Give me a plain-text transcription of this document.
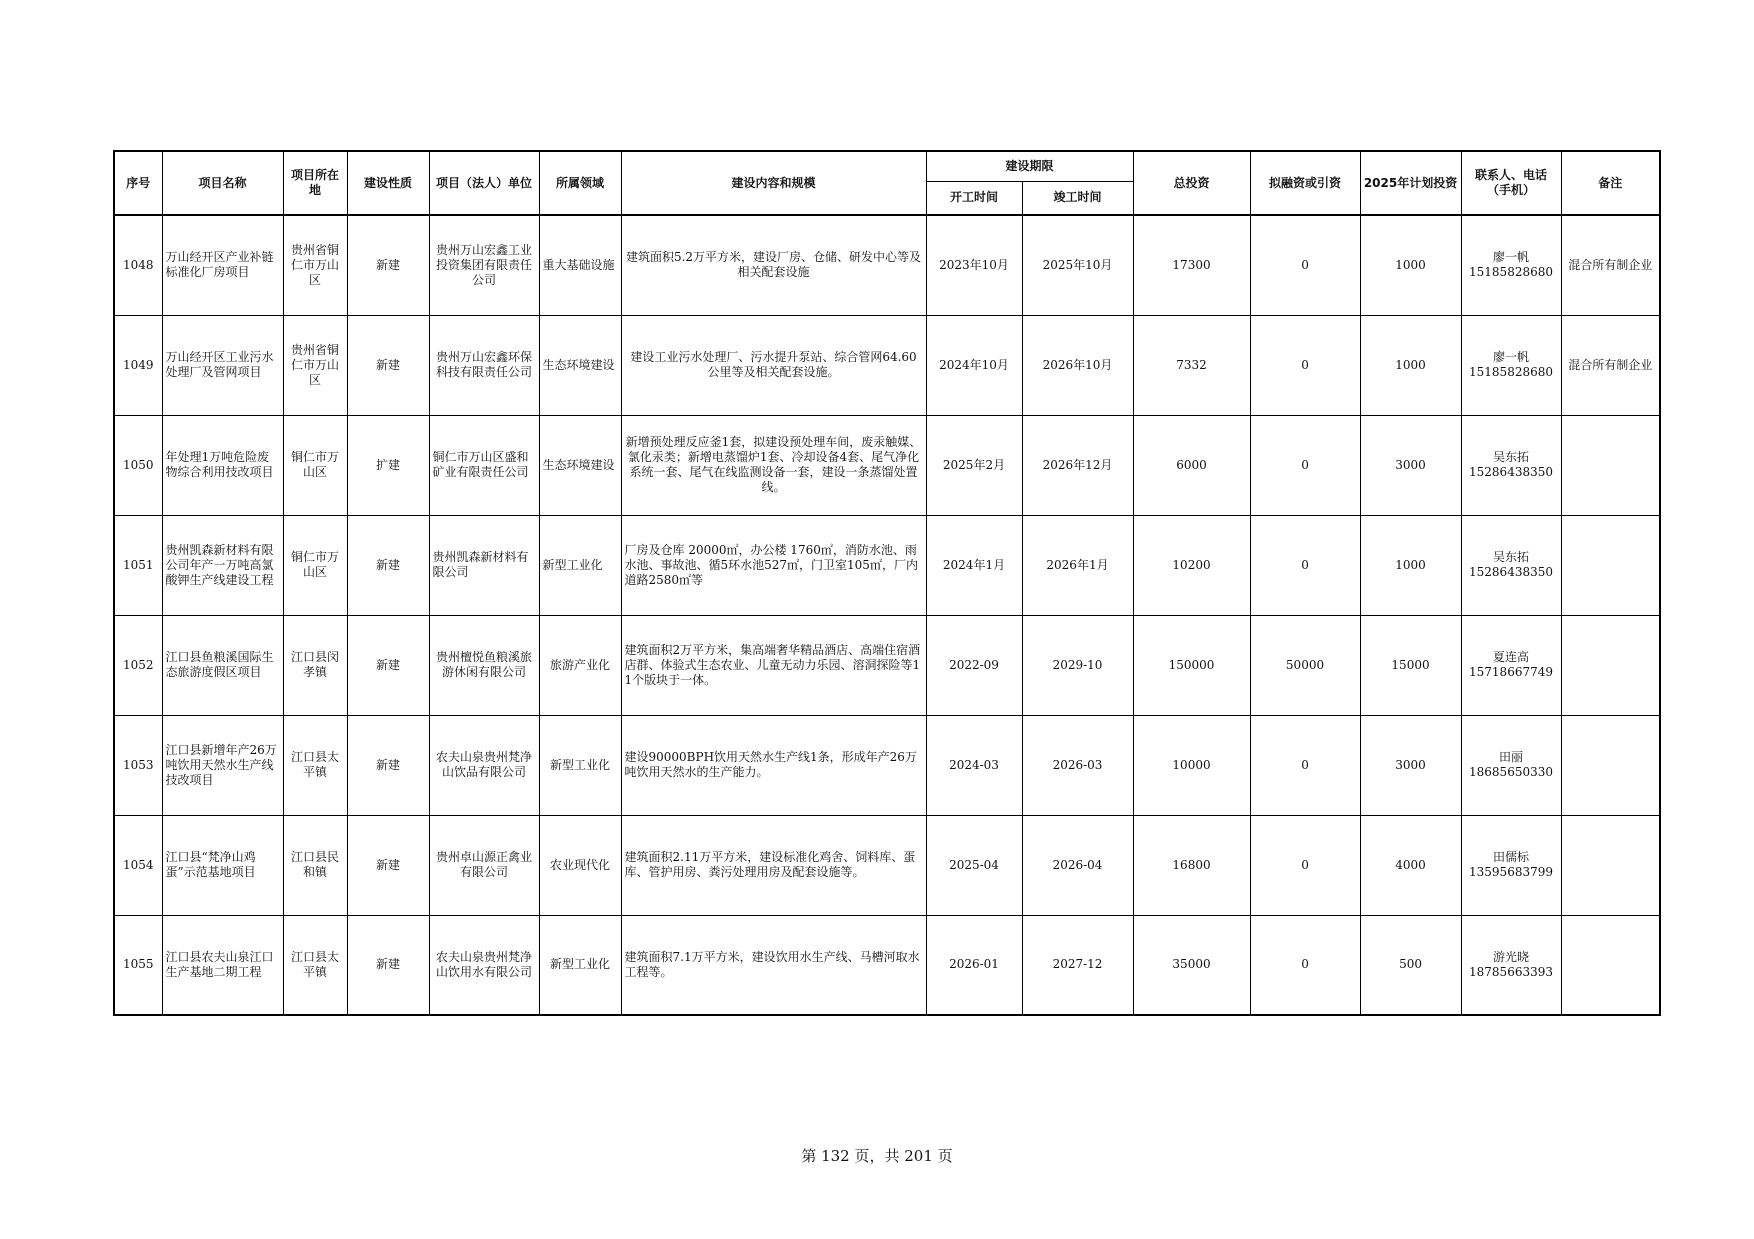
序号	项目名称	项目所在地	建设性质	项目（法人）单位	所属领域	建设内容和规模	建设期限		总投资	拟融资或引资	2025年计划投资	联系人、电话（手机）	备注
							开工时间	竣工时间					
1048	万山经开区产业补链标准化厂房项目	贵州省铜仁市万山区	新建	贵州万山宏鑫工业投资集团有限责任公司	重大基础设施	建筑面积5.2万平方米，建设厂房、仓储、研发中心等及相关配套设施	2023年10月	2025年10月	17300	0	1000	廖一帆
15185828680	混合所有制企业
1049	万山经开区工业污水处理厂及管网项目	贵州省铜仁市万山区	新建	贵州万山宏鑫环保科技有限责任公司	生态环境建设	建设工业污水处理厂、污水提升泵站、综合管网64.60公里等及相关配套设施。	2024年10月	2026年10月	7332	0	1000	廖一帆
15185828680	混合所有制企业
1050	年处理1万吨危险废物综合利用技改项目	铜仁市万山区	扩建	铜仁市万山区盛和矿业有限责任公司	生态环境建设	新增预处理反应釜1套，拟建设预处理车间，废汞触媒、氯化汞类；新增电蒸馏炉1套、冷却设备4套、尾气净化系统一套、尾气在线监测设备一套，建设一条蒸馏处置线。	2025年2月	2026年12月	6000	0	3000	吴东拓
15286438350	

1051	贵州凯森新材料有限公司年产一万吨高氯酸钾生产线建设工程	铜仁市万山区	新建	贵州凯森新材料有限公司	新型工业化	厂房及仓库 20000㎡，办公楼 1760㎡，消防水池、雨水池、事故池、循5环水池527㎡，门卫室105㎡，厂内道路2580㎡等	2024年1月	2026年1月	10200	0	1000	吴东拓
15286438350	

1052	江口县鱼粮溪国际生态旅游度假区项目	江口县闵孝镇	新建	贵州檀悦鱼粮溪旅游休闲有限公司	旅游产业化	建筑面积2万平方米，集高端奢华精品酒店、高端住宿酒店群、体验式生态农业、儿童无动力乐园、溶洞探险等11个版块于一体。	2022-09	2029-10	150000	50000	15000	夏连高
15718667749	

1053	江口县新增年产26万吨饮用天然水生产线技改项目	江口县太平镇	新建	农夫山泉贵州梵净山饮品有限公司	新型工业化	建设90000BPH饮用天然水生产线1条，形成年产26万吨饮用天然水的生产能力。	2024-03	2026-03	10000	0	3000	田丽
18685650330	

1054	江口县“梵净山鸡蛋”示范基地项目	江口县民和镇	新建	贵州卓山源正禽业有限公司	农业现代化	建筑面积2.11万平方米，建设标准化鸡舍、饲料库、蛋库、管护用房、粪污处理用房及配套设施等。	2025-04	2026-04	16800	0	4000	田儒标
13595683799	

1055	江口县农夫山泉江口生产基地二期工程	江口县太平镇	新建	农夫山泉贵州梵净山饮用水有限公司	新型工业化	建筑面积7.1万平方米，建设饮用水生产线、马槽河取水工程等。	2026-01	2027-12	35000	0	500	游光晓
18785663393	

第 132 页，共 201 页
